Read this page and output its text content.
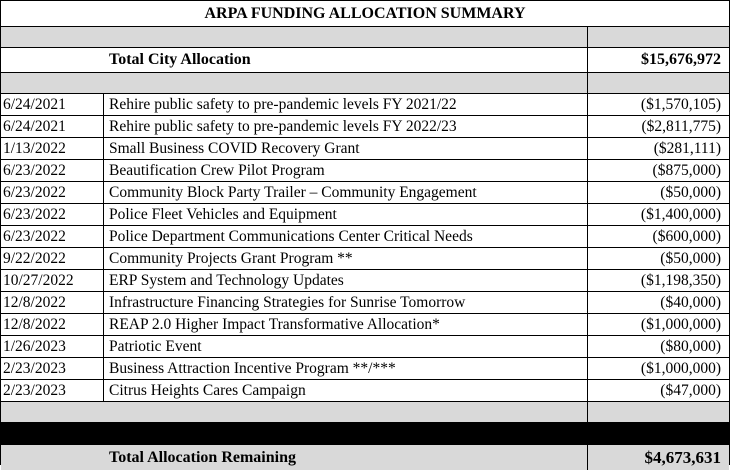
ARPA FUNDING ALLOCATION SUMMARY
Total City Allocation	$15,676,972
6/24/2021	Rehire public safety to pre-pandemic levels FY 2021/22	($1,570,105)
6/24/2021	Rehire public safety to pre-pandemic levels FY 2022/23	($2,811,775)
1/13/2022	Small Business COVID Recovery Grant	($281,111)
6/23/2022	Beautification Crew Pilot Program	($875,000)
6/23/2022	Community Block Party Trailer – Community Engagement	($50,000)
6/23/2022	Police Fleet Vehicles and Equipment	($1,400,000)
6/23/2022	Police Department Communications Center Critical Needs	($600,000)
9/22/2022	Community Projects Grant Program **	($50,000)
10/27/2022	ERP System and Technology Updates	($1,198,350)
12/8/2022	Infrastructure Financing Strategies for Sunrise Tomorrow	($40,000)
12/8/2022	REAP 2.0 Higher Impact Transformative Allocation*	($1,000,000)
1/26/2023	Patriotic Event	($80,000)
2/23/2023	Business Attraction Incentive Program **/***	($1,000,000)
2/23/2023	Citrus Heights Cares Campaign	($47,000)
Total Allocation Remaining	$4,673,631
